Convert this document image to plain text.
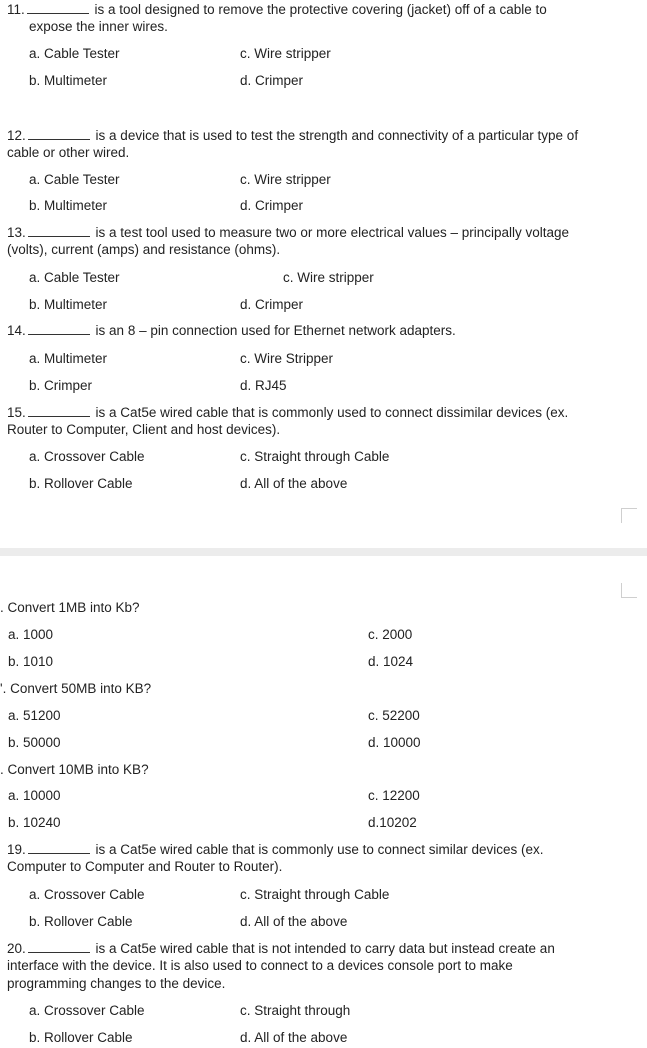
11.	is a tool designed to remove the protective covering (jacket) off of a cable to
expose the inner wires.
a. Cable Tester	c. Wire stripper
b. Multimeter	d. Crimper
12.	is a device that is used to test the strength and connectivity of a particular type of
cable or other wired.
a. Cable Tester	c. Wire stripper
b. Multimeter	d. Crimper
13.	is a test tool used to measure two or more electrical values – principally voltage
(volts), current (amps) and resistance (ohms).
a. Cable Tester	c. Wire stripper
b. Multimeter	d. Crimper
14.	is an 8 – pin connection used for Ethernet network adapters.
a. Multimeter	c. Wire Stripper
b. Crimper	d. RJ45
15.	is a Cat5e wired cable that is commonly used to connect dissimilar devices (ex.
Router to Computer, Client and host devices).
a. Crossover Cable	c. Straight through Cable
b. Rollover Cable	d. All of the above
. Convert 1MB into Kb?
a. 1000	c. 2000
b. 1010	d. 1024
'. Convert 50MB into KB?
a. 51200	c. 52200
b. 50000	d. 10000
. Convert 10MB into KB?
a. 10000	c. 12200
b. 10240	d.10202
19.	is a Cat5e wired cable that is commonly use to connect similar devices (ex.
Computer to Computer and Router to Router).
a. Crossover Cable	c. Straight through Cable
b. Rollover Cable	d. All of the above
20.	is a Cat5e wired cable that is not intended to carry data but instead create an
interface with the device. It is also used to connect to a devices console port to make
programming changes to the device.
a. Crossover Cable	c. Straight through
b. Rollover Cable	d. All of the above
